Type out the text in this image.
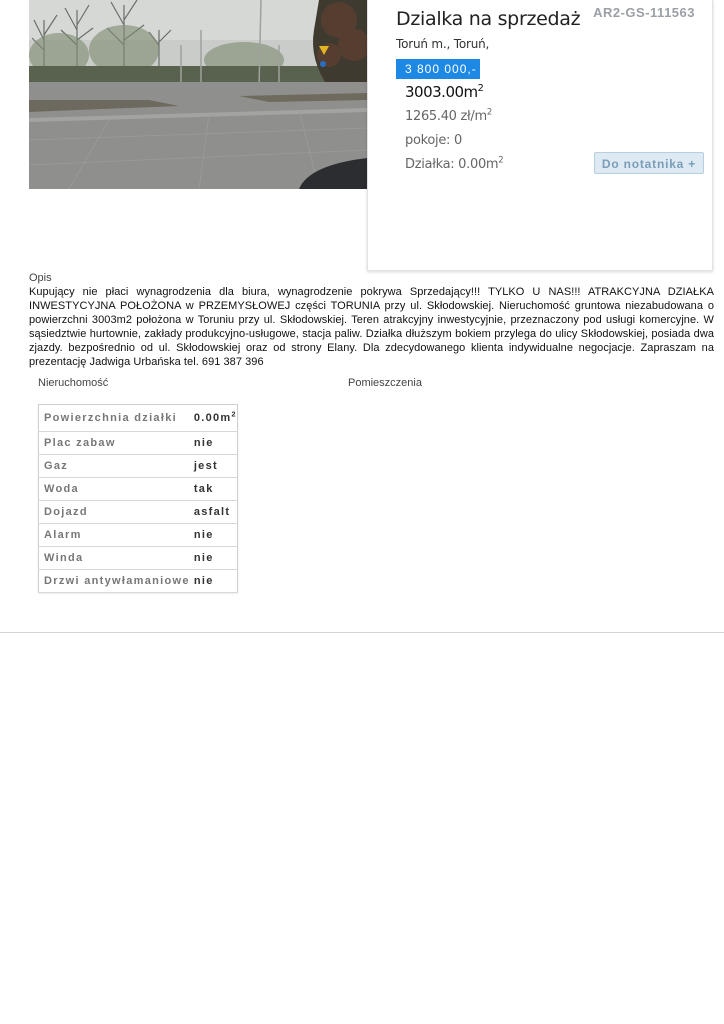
Dzialka na sprzedaż AR2-GS-111563
Toruń m., Toruń,
3 800 000,-
$3003.00m^2$
1265.40 $zł/m^2$
pokoje: 0
Działka: $0.00m^2$	Do notatnika +
Opis
Kupujący nie płaci wynagrodzenia dla biura, wynagrodzenie pokrywa Sprzedający!!! TYLKO U NAS!!! ATRAKCYJNA DZIAŁKA INWESTYCYJNA POŁOŻONA w PRZEMYSŁOWEJ części TORUNIA przy ul. Skłodowskiej. Nieruchomość gruntowa niezabudowana o powierzchni 3003m2 położona w Toruniu przy ul. Skłodowskiej. Teren atrakcyjny inwestycyjnie, przeznaczony pod usługi komercyjne. W sąsiedztwie hurtownie, zakłady produkcyjno-usługowe, stacja paliw. Działka dłuższym bokiem przylega do ulicy Skłodowskiej, posiada dwa zjazdy. bezpośrednio od ul. Skłodowskiej oraz od strony Elany. Dla zdecydowanego klienta indywidualne negocjacje. Zapraszam na prezentację Jadwiga Urbańska tel. 691 387 396
Nieruchomość	Pomieszczenia
Powierzchnia działki	$0.00m^2$
Plac zabaw	nie
Gaz	jest
Woda	tak
Dojazd	asfalt
Alarm	nie
Winda	nie
Drzwi antywłamaniowe	nie
